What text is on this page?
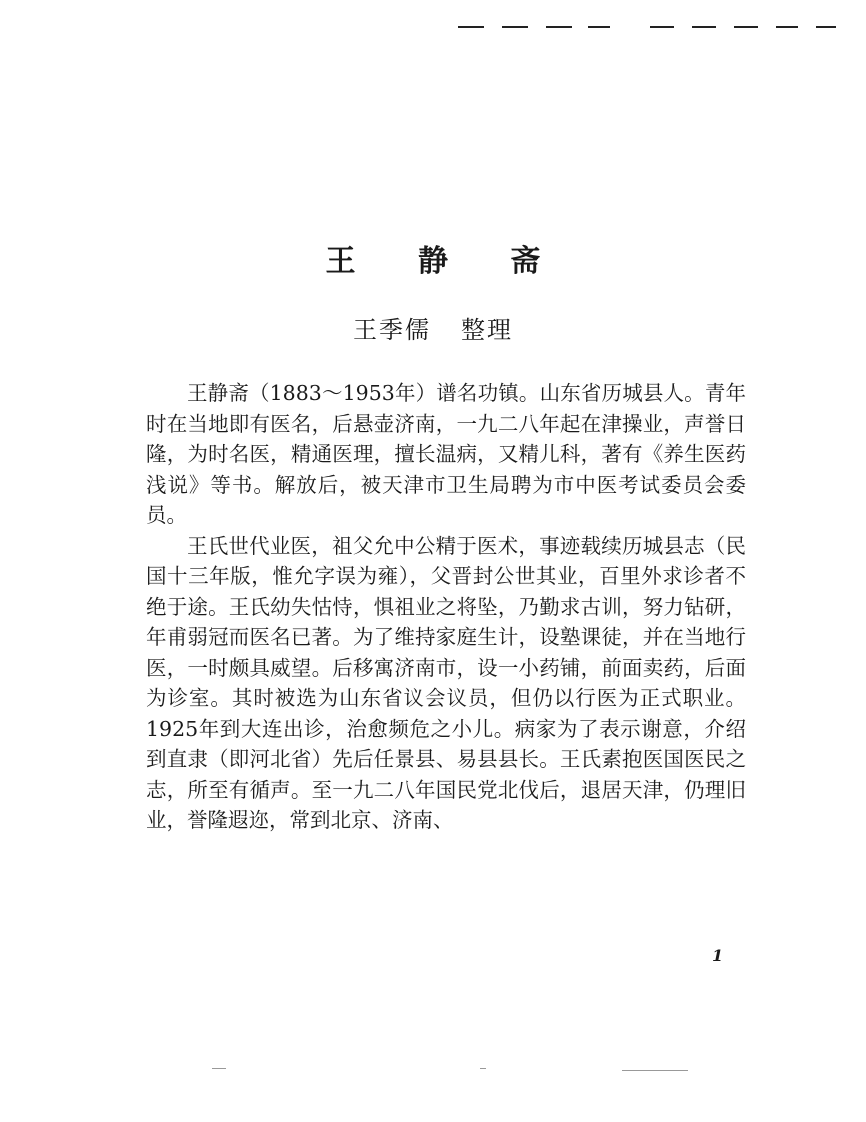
王 静 斋
王季儒 整理

王静斋（1883～1953年）谱名功镇。山东省历城县人。青年时在当地即有医名，后悬壶济南，一九二八年起在津操业，声誉日隆，为时名医，精通医理，擅长温病，又精儿科，著有《养生医药浅说》等书。解放后，被天津市卫生局聘为市中医考试委员会委员。

王氏世代业医，祖父允中公精于医术，事迹载续历城县志（民国十三年版，惟允字误为雍），父晋封公世其业，百里外求诊者不绝于途。王氏幼失怙恃，惧祖业之将坠，乃勤求古训，努力钻研，年甫弱冠而医名已著。为了维持家庭生计，设塾课徒，并在当地行医，一时颇具威望。后移寓济南市，设一小药铺，前面卖药，后面为诊室。其时被选为山东省议会议员，但仍以行医为正式职业。1925年到大连出诊，治愈频危之小儿。病家为了表示谢意，介绍到直隶（即河北省）先后任景县、易县县长。王氏素抱医国医民之志，所至有循声。至一九二八年国民党北伐后，退居天津，仍理旧业，誉隆遐迩，常到北京、济南、

1
